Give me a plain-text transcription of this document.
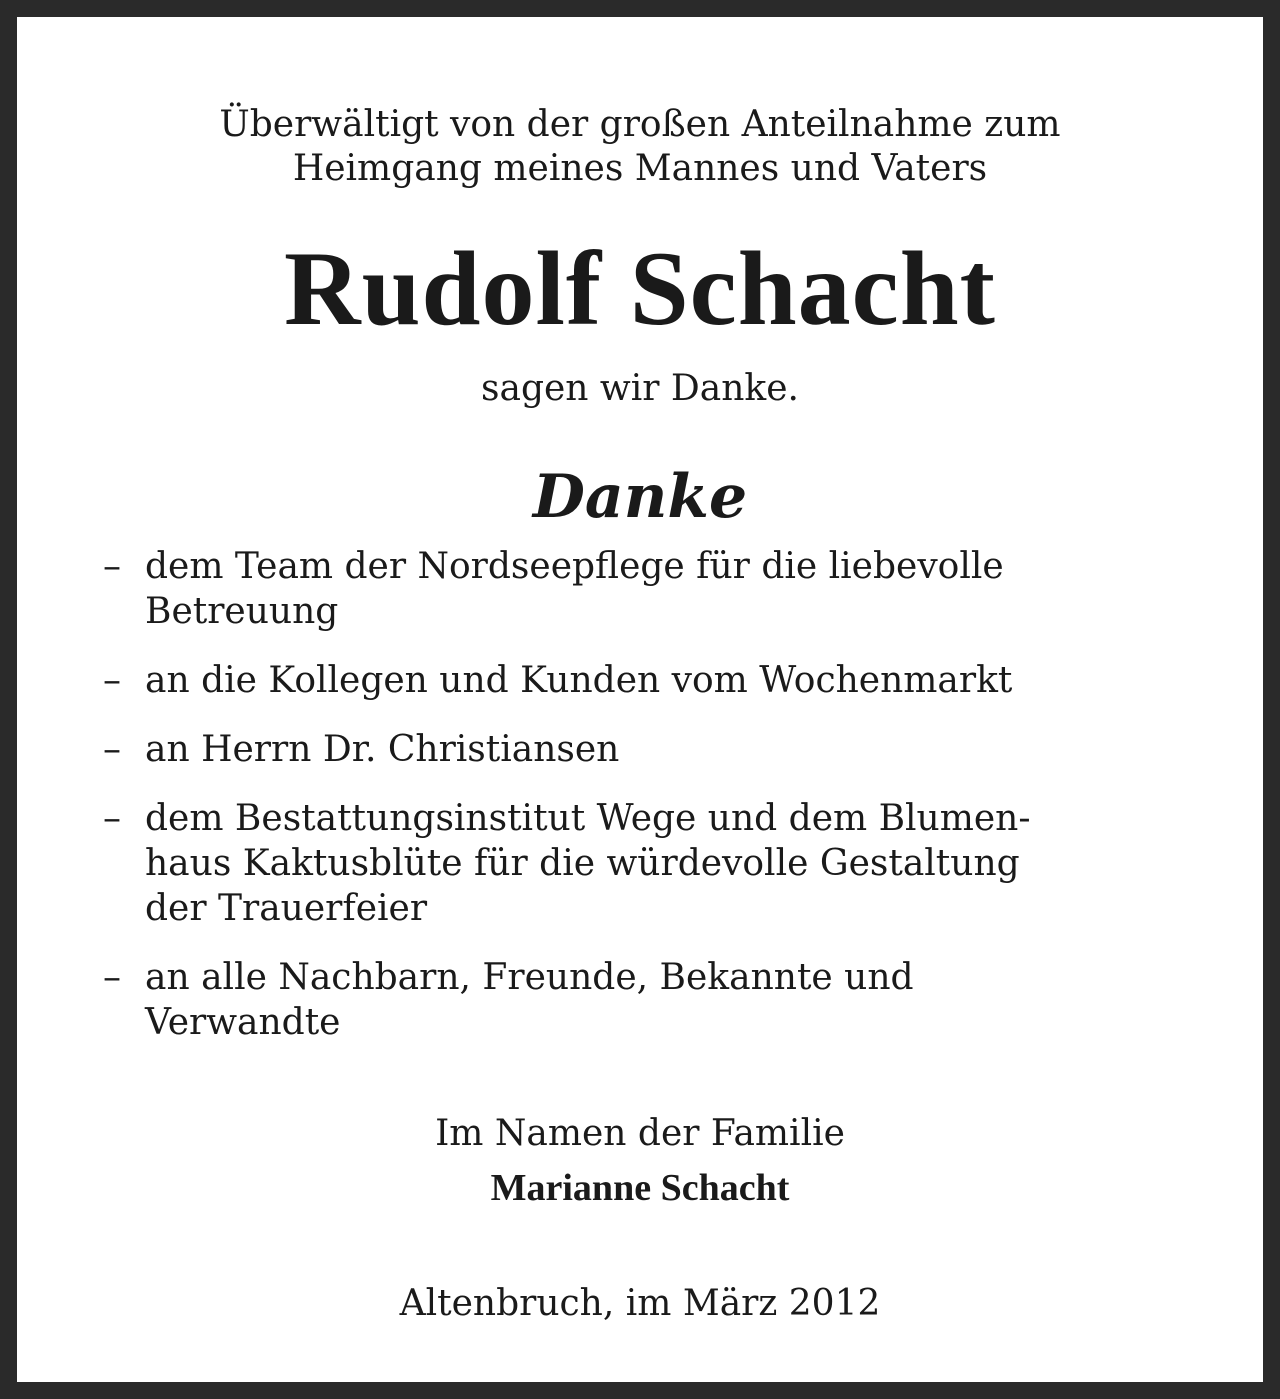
Überwältigt von der großen Anteilnahme zum
Heimgang meines Mannes und Vaters
Rudolf Schacht
sagen wir Danke.
Danke
– dem Team der Nordseepflege für die liebevolle
Betreuung
– an die Kollegen und Kunden vom Wochenmarkt
– an Herrn Dr. Christiansen
– dem Bestattungsinstitut Wege und dem Blumen-
haus Kaktusblüte für die würdevolle Gestaltung
der Trauerfeier
– an alle Nachbarn, Freunde, Bekannte und
Verwandte
Im Namen der Familie
Marianne Schacht
Altenbruch, im März 2012
